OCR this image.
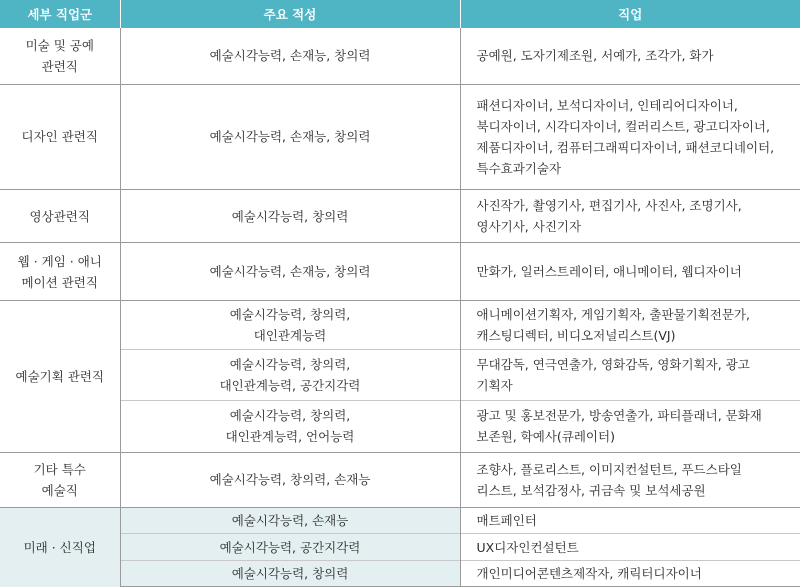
세부 직업군	주요 적성	직업
미술 및 공예
관련직	예술시각능력, 손재능, 창의력	공예원, 도자기제조원, 서예가, 조각가, 화가
디자인 관련직	예술시각능력, 손재능, 창의력	패션디자이너, 보석디자이너, 인테리어디자이너,
북디자이너, 시각디자이너, 컬러리스트, 광고디자이너,
제품디자이너, 컴퓨터그래픽디자이너, 패션코디네이터,
특수효과기술자
영상관련직	예술시각능력, 창의력	사진작가, 촬영기사, 편집기사, 사진사, 조명기사,
영사기사, 사진기자
웹 · 게임 · 애니
메이션 관련직	예술시각능력, 손재능, 창의력	만화가, 일러스트레이터, 애니메이터, 웹디자이너
예술기획 관련직	예술시각능력, 창의력,
대인관계능력	애니메이션기획자, 게임기획자, 출판물기획전문가,
캐스팅디렉터, 비디오저널리스트(VJ)
	예술시각능력, 창의력,
대인관계능력, 공간지각력	무대감독, 연극연출가, 영화감독, 영화기획자, 광고
기획자
	예술시각능력, 창의력,
대인관계능력, 언어능력	광고 및 홍보전문가, 방송연출가, 파티플래너, 문화재
보존원, 학예사(큐레이터)
기타 특수
예술직	예술시각능력, 창의력, 손재능	조향사, 플로리스트, 이미지컨설턴트, 푸드스타일
리스트, 보석감정사, 귀금속 및 보석세공원
미래 · 신직업	예술시각능력, 손재능	매트페인터
	예술시각능력, 공간지각력	UX디자인컨설턴트
	예술시각능력, 창의력	개인미디어콘텐츠제작자, 캐릭터디자이너
